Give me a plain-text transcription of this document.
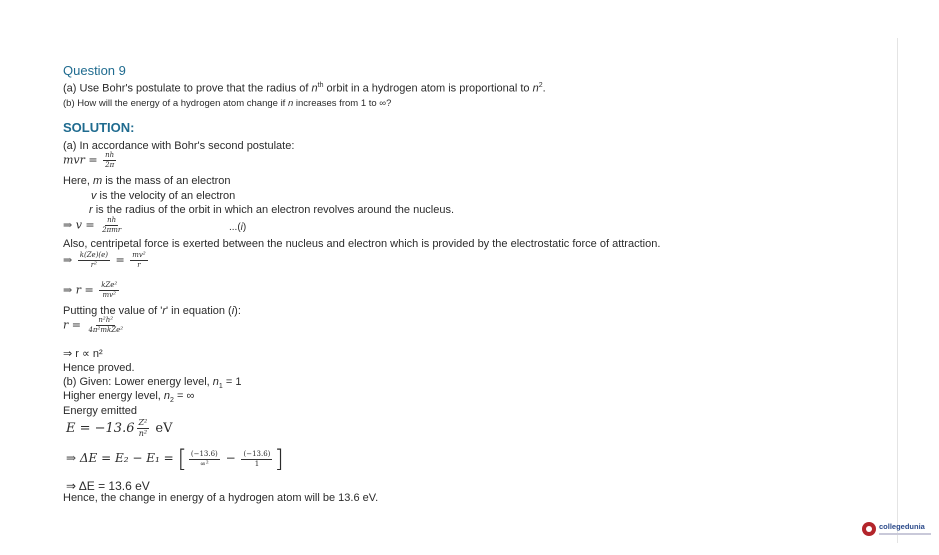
Question 9
(a) Use Bohr's postulate to prove that the radius of $n^{th}$ orbit in a hydrogen atom is proportional to $n^2$.
(b) How will the energy of a hydrogen atom change if n increases from 1 to ∞?
SOLUTION:
(a) In accordance with Bohr's second postulate:
mvr = $\frac{nh}{2\pi}$
Here, m is the mass of an electron
v is the velocity of an electron
r is the radius of the orbit in which an electron revolves around the nucleus.
⇒ $v = \frac{nh}{\text{2πmr}}$	...(i)
Also, centripetal force is exerted between the nucleus and electron which is provided by the electrostatic force of attraction.
⇒ $\frac{k(Ze)(e)}{\text{r²}} = \frac{\text{mv²}}{r}$
⇒ $r = \frac{\text{kZe²}}{\text{mv²}}$
Putting the value of 'r' in equation (i):
$r = \frac{\text{n²h²}}{\text{4π²mkZe²}}$
⇒ r ∝ n²
Hence proved.
(b) Given: Lower energy level, $n_1 = 1$
Higher energy level, $n_2$ = ∞
Energy emitted
$E = -13.6 \frac{\text{Z²}}{\text{n²}}$ eV
⇒ ΔE = E₂ − E₁ = [ $\frac{(-13.6)}{\text{∞²}} - \frac{(-13.6)}{1}$ ]
⇒ ΔE = 13.6 eV
Hence, the change in energy of a hydrogen atom will be 13.6 eV.
collegedunia
